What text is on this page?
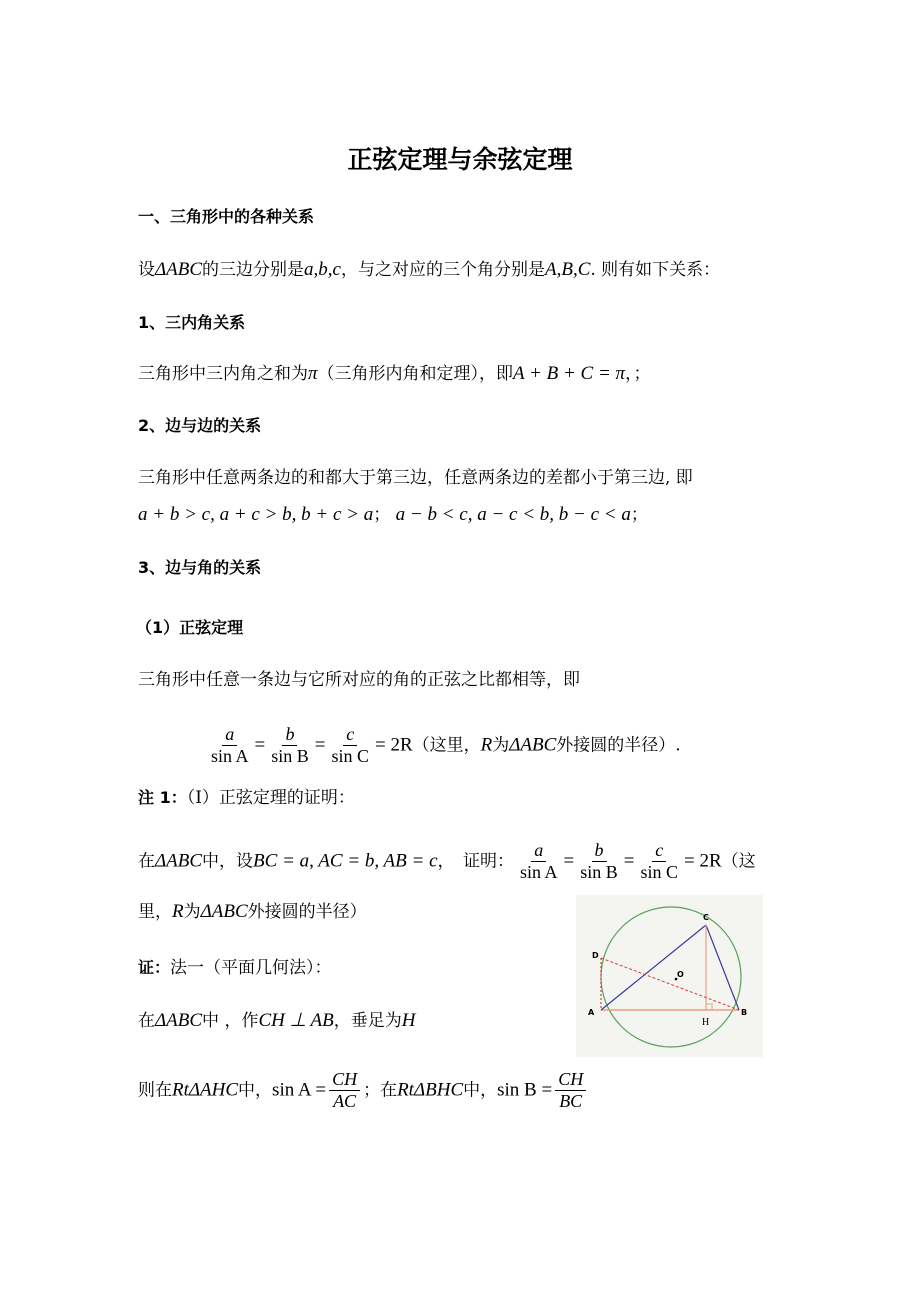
正弦定理与余弦定理
一、三角形中的各种关系
设ΔABC的三边分别是a,b,c，与之对应的三个角分别是A,B,C. 则有如下关系：
1、三内角关系
三角形中三内角之和为π（三角形内角和定理），即A + B + C = π，；
2、边与边的关系
三角形中任意两条边的和都大于第三边，任意两条边的差都小于第三边, 即
a + b > c, a + c > b, b + c > a； a − b < c, a − c < b, b − c < a；
3、边与角的关系
（1）正弦定理
三角形中任意一条边与它所对应的角的正弦之比都相等，即
$\frac{a}{\text{sin A}} = \frac{b}{\text{sin B}} = \frac{c}{\text{sin C}} = 2R$（这里，R为ΔABC外接圆的半径）.
注 1：（I）正弦定理的证明：
在ΔABC中，设BC = a, AC = b, AB = c，　证明： $\frac{a}{\text{sin A}} = \frac{b}{\text{sin B}} = \frac{c}{\text{sin C}} = 2R$（这
里，R为ΔABC外接圆的半径）
证：法一（平面几何法）：
在ΔABC中 ，作CH ⊥ AB，垂足为H
则在RtΔAHC中，$\sin A = \frac{CH}{AC}$ ；在RtΔBHC中，$\sin B = \frac{CH}{BC}$
C
D
O
A	B
H
